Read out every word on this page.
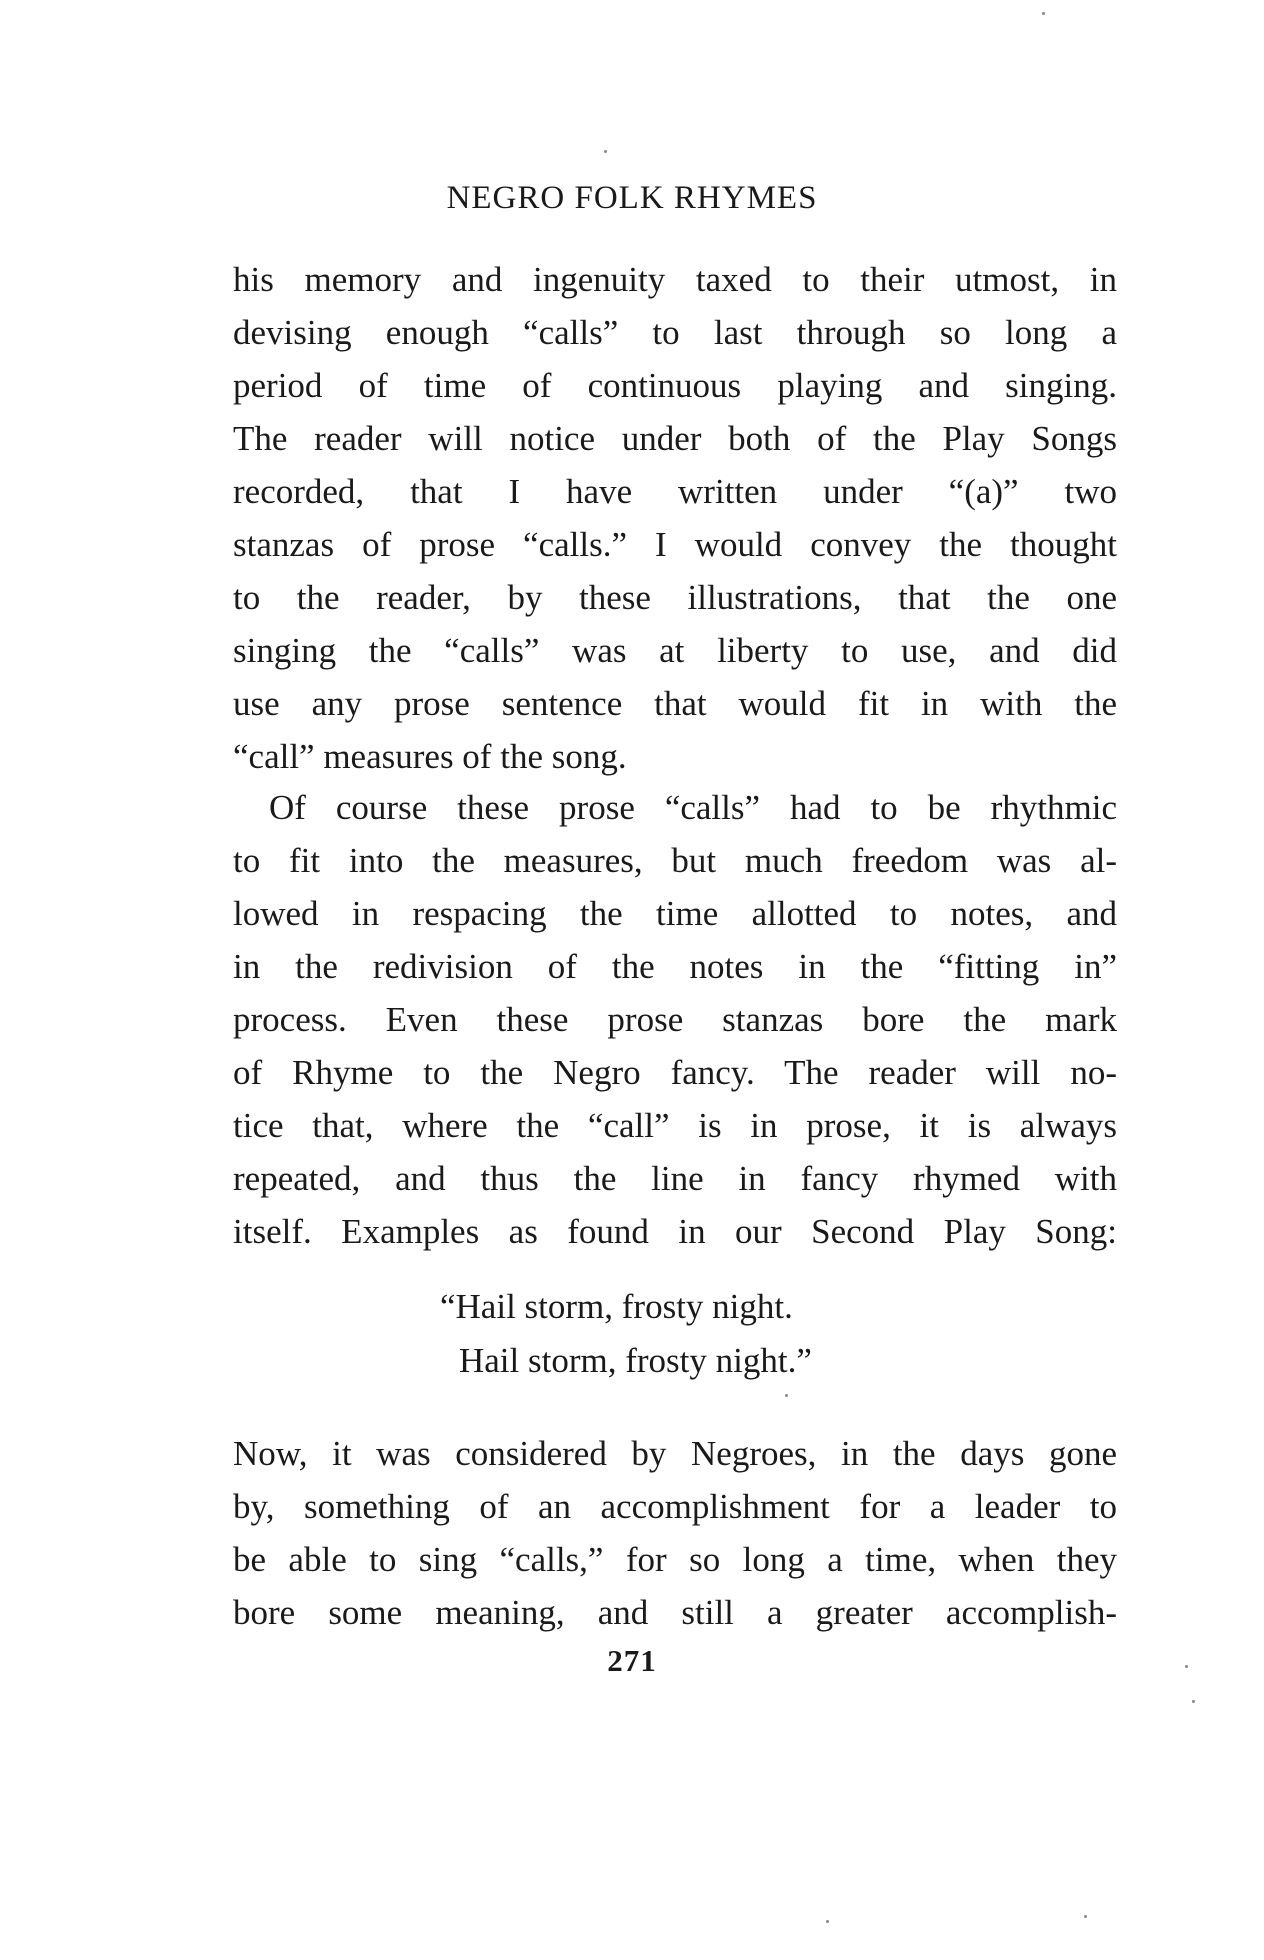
NEGRO FOLK RHYMES
his memory and ingenuity taxed to their utmost, in
devising enough “calls” to last through so long a
period of time of continuous playing and singing.
The reader will notice under both of the Play Songs
recorded, that I have written under “(a)” two
stanzas of prose “calls.” I would convey the thought
to the reader, by these illustrations, that the one
singing the “calls” was at liberty to use, and did
use any prose sentence that would fit in with the
“call” measures of the song.
Of course these prose “calls” had to be rhythmic
to fit into the measures, but much freedom was al-
lowed in respacing the time allotted to notes, and
in the redivision of the notes in the “fitting in”
process. Even these prose stanzas bore the mark
of Rhyme to the Negro fancy. The reader will no-
tice that, where the “call” is in prose, it is always
repeated, and thus the line in fancy rhymed with
itself. Examples as found in our Second Play Song:
“Hail storm, frosty night.
Hail storm, frosty night.”
Now, it was considered by Negroes, in the days gone
by, something of an accomplishment for a leader to
be able to sing “calls,” for so long a time, when they
bore some meaning, and still a greater accomplish-
271
